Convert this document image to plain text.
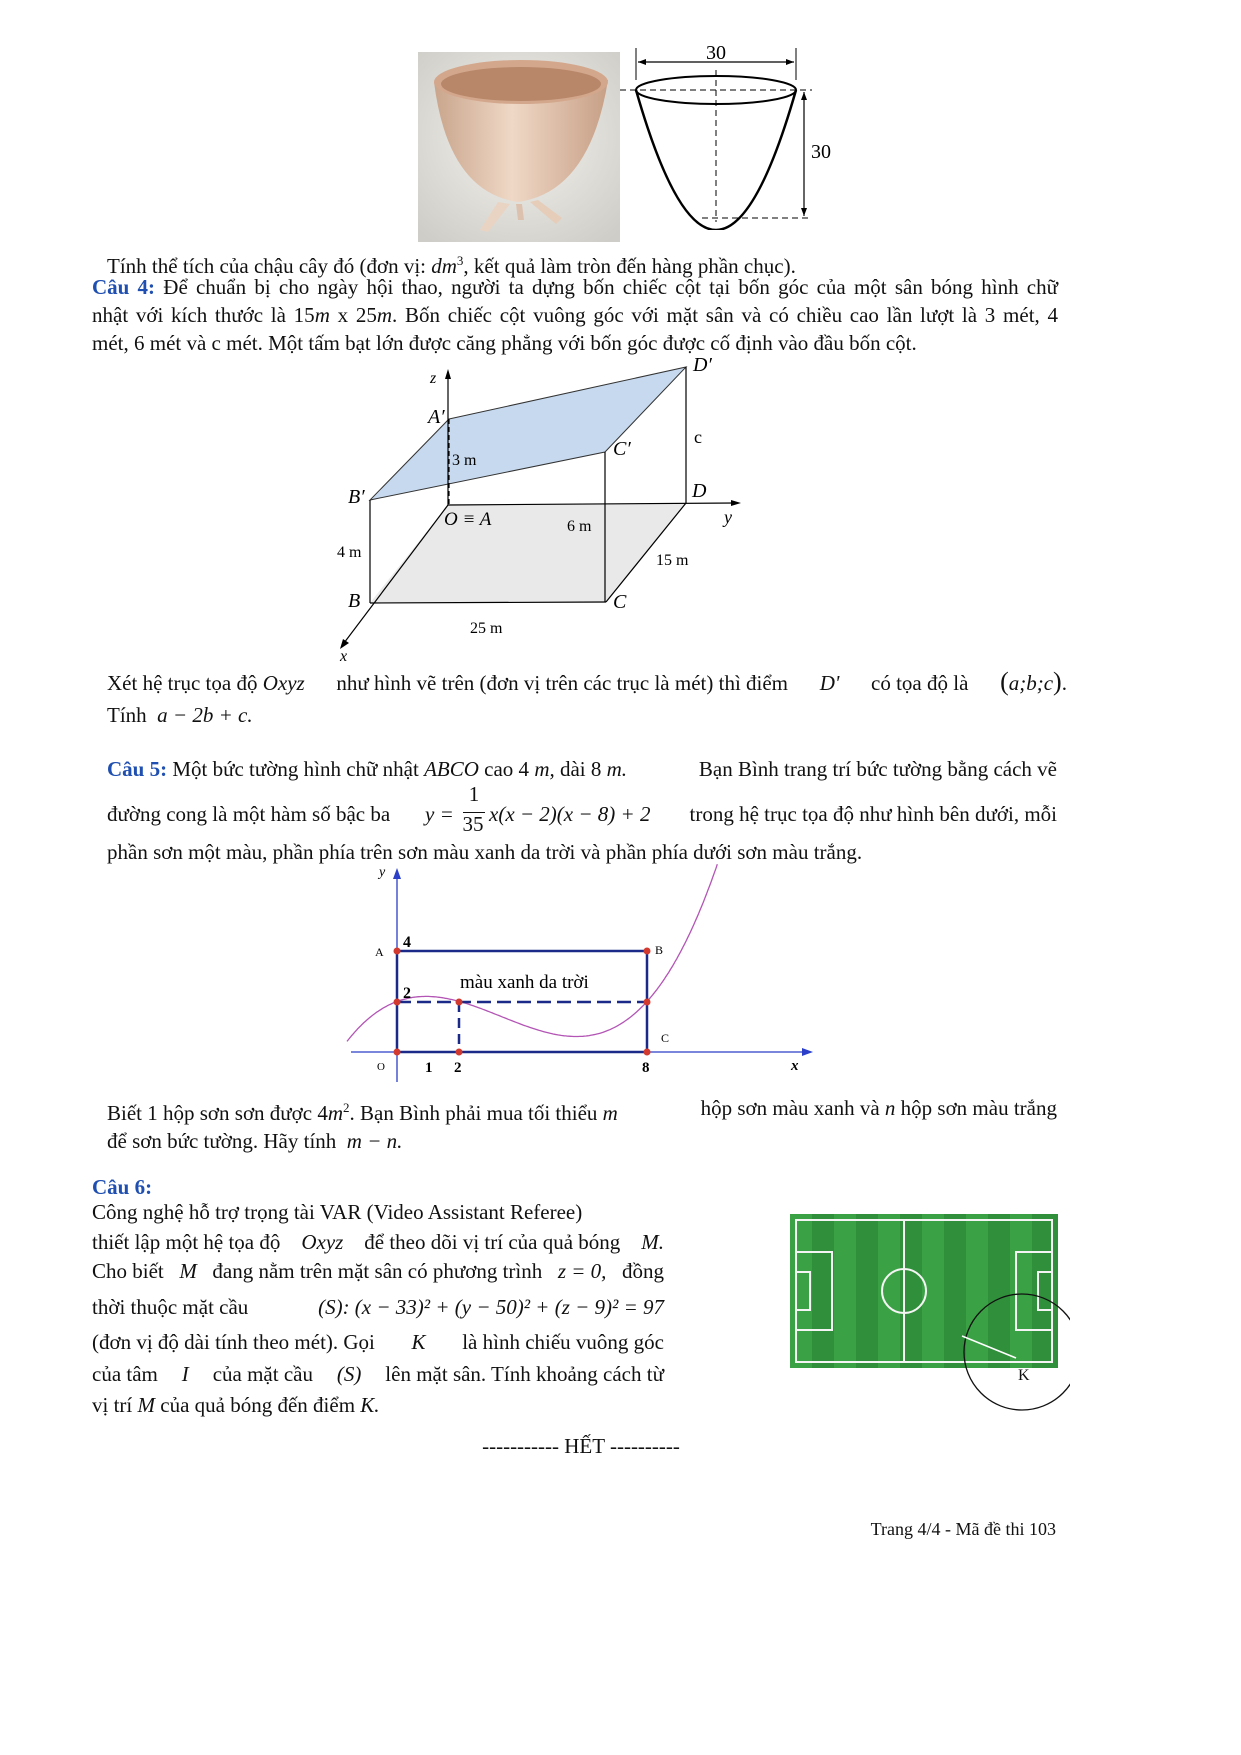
30
30
Tính thể tích của chậu cây đó (đơn vị: $dm^3$, kết quả làm tròn đến hàng phần chục).
Câu 4: Để chuẩn bị cho ngày hội thao, người ta dựng bốn chiếc cột tại bốn góc của một sân bóng hình chữ
nhật với kích thước là 15m x 25m. Bốn chiếc cột vuông góc với mặt sân và có chiều cao lần lượt là 3 mét, 4
mét, 6 mét và c mét. Một tấm bạt lớn được căng phẳng với bốn góc được cố định vào đầu bốn cột.
z
y
x
D′
A′
C′
B′
c
3 m
D
O ≡ A	6 m
4 m	15 m
B	C
25 m
Xét hệ trục tọa độ Oxyz như hình vẽ trên (đơn vị trên các trục là mét) thì điểm D' có tọa độ là (a;b;c).
Tính a − 2b + c.
Câu 5: Một bức tường hình chữ nhật ABCO cao 4 m, dài 8 m.	Bạn Bình trang trí bức tường bằng cách vẽ
đường cong là một hàm số bậc ba y =
1
35 x(x − 2)(x − 8) + 2	trong hệ trục tọa độ như hình bên dưới, mỗi
phần sơn một màu, phần phía trên sơn màu xanh da trời và phần phía dưới sơn màu trắng.
y
x
A	B
C
O
4
2
1 2	8
màu xanh da trời
Biết 1 hộp sơn sơn được $4m^2$. Bạn Bình phải mua tối thiểu m	hộp sơn màu xanh và n hộp sơn màu trắng
để sơn bức tường. Hãy tính m − n.
Câu 6:
Công nghệ hỗ trợ trọng tài VAR (Video Assistant Referee)
thiết lập một hệ tọa độ Oxyz để theo dõi vị trí của quả bóng M.
Cho biết M đang nằm trên mặt sân có phương trình z = 0, đồng
thời thuộc mặt cầu	(S): (x − 33)² + (y − 50)² + (z − 9)² = 97
(đơn vị độ dài tính theo mét). Gọi K là hình chiếu vuông góc
của tâm I của mặt cầu (S) lên mặt sân. Tính khoảng cách từ
vị trí M của quả bóng đến điểm K.
K
----------- HẾT ----------
Trang 4/4 - Mã đề thi 103
